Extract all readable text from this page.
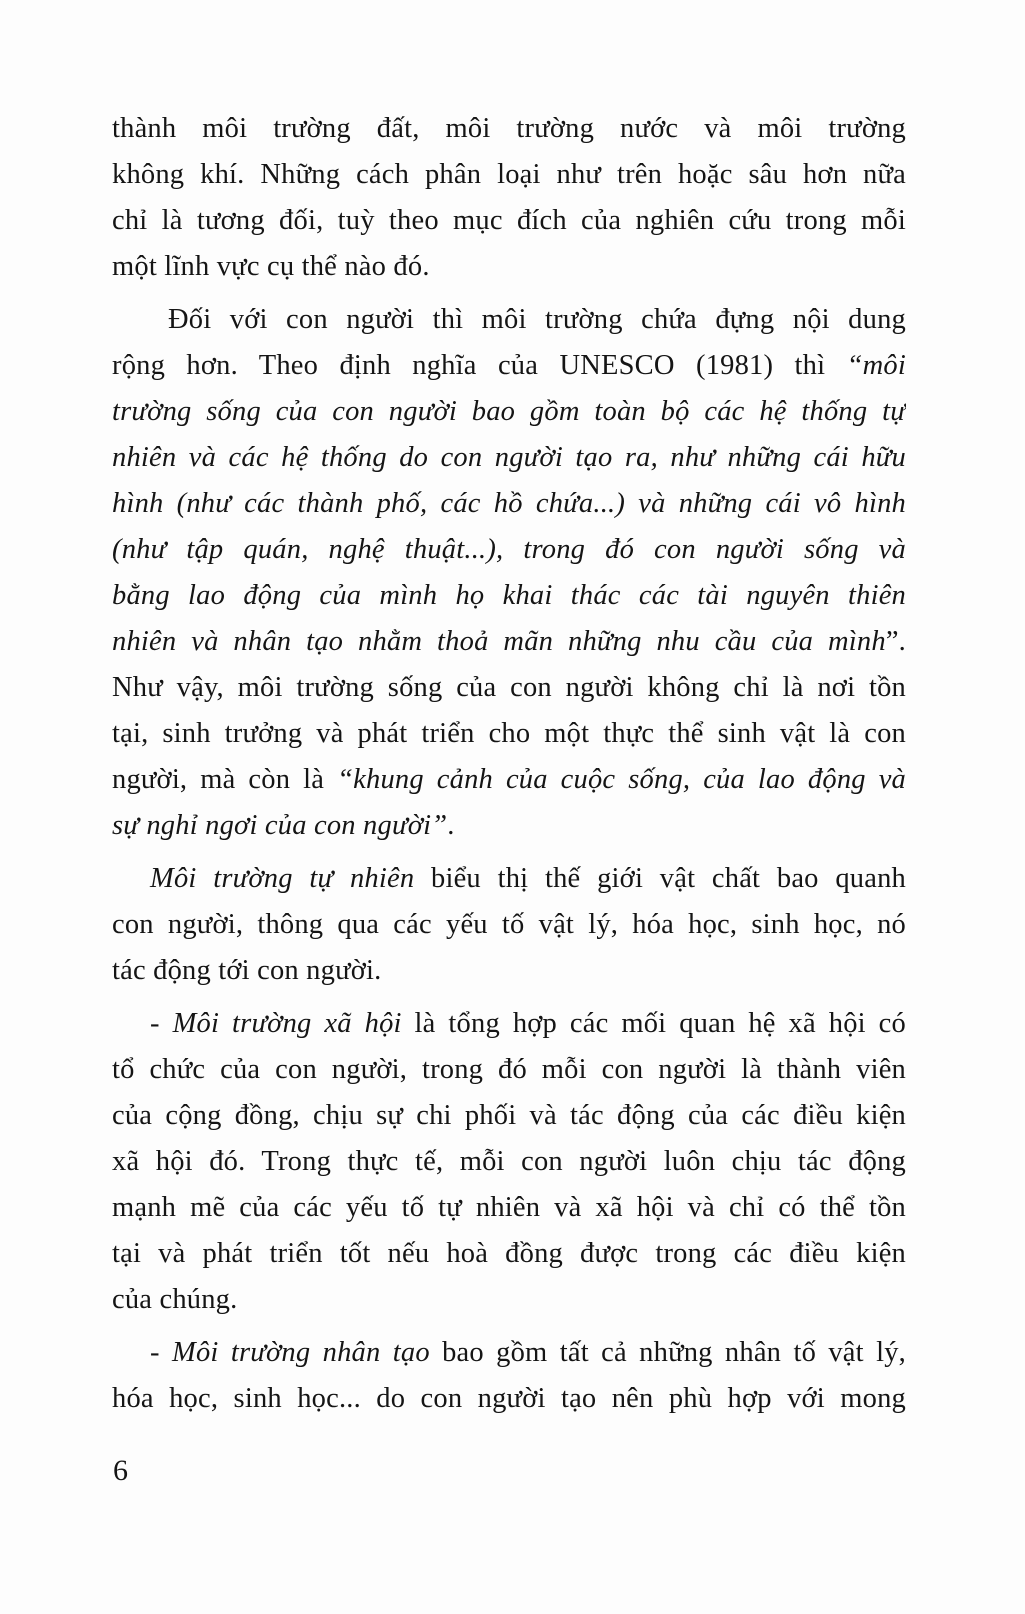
thành môi trường đất, môi trường nước và môi trường
không khí. Những cách phân loại như trên hoặc sâu hơn nữa
chỉ là tương đối, tuỳ theo mục đích của nghiên cứu trong mỗi
một lĩnh vực cụ thể nào đó.
Đối với con người thì môi trường chứa đựng nội dung
rộng hơn. Theo định nghĩa của UNESCO (1981) thì “môi
trường sống của con người bao gồm toàn bộ các hệ thống tự
nhiên và các hệ thống do con người tạo ra, như những cái hữu
hình (như các thành phố, các hồ chứa...) và những cái vô hình
(như tập quán, nghệ thuật...), trong đó con người sống và
bằng lao động của mình họ khai thác các tài nguyên thiên
nhiên và nhân tạo nhằm thoả mãn những nhu cầu của mình”.
Như vậy, môi trường sống của con người không chỉ là nơi tồn
tại, sinh trưởng và phát triển cho một thực thể sinh vật là con
người, mà còn là “khung cảnh của cuộc sống, của lao động và
sự nghỉ ngơi của con người”.
Môi trường tự nhiên biểu thị thế giới vật chất bao quanh
con người, thông qua các yếu tố vật lý, hóa học, sinh học, nó
tác động tới con người.
- Môi trường xã hội là tổng hợp các mối quan hệ xã hội có
tổ chức của con người, trong đó mỗi con người là thành viên
của cộng đồng, chịu sự chi phối và tác động của các điều kiện
xã hội đó. Trong thực tế, mỗi con người luôn chịu tác động
mạnh mẽ của các yếu tố tự nhiên và xã hội và chỉ có thể tồn
tại và phát triển tốt nếu hoà đồng được trong các điều kiện
của chúng.
- Môi trường nhân tạo bao gồm tất cả những nhân tố vật lý,
hóa học, sinh học... do con người tạo nên phù hợp với mong
6
